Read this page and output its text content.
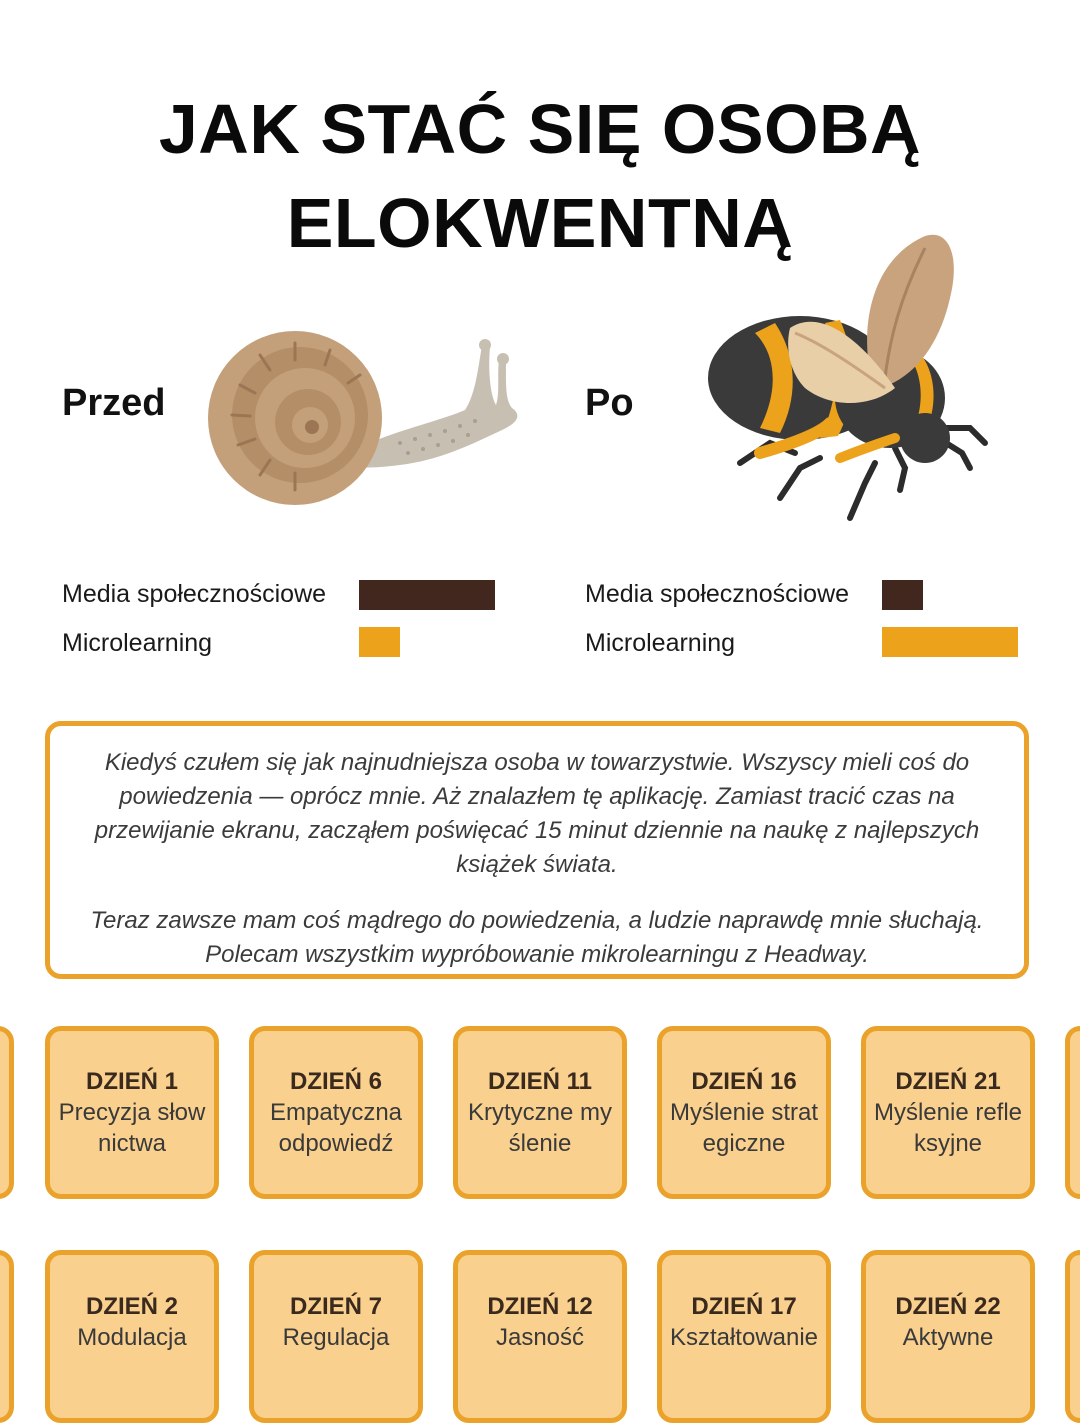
JAK STAĆ SIĘ OSOBĄ
ELOKWENTNĄ
Przed	Po
Media społecznościowe
Microlearning
Media społecznościowe
Microlearning

Kiedyś czułem się jak najnudniejsza osoba w towarzystwie. Wszyscy mieli coś do powiedzenia — oprócz mnie. Aż znalazłem tę aplikację. Zamiast tracić czas na przewijanie ekranu, zacząłem poświęcać 15 minut dziennie na naukę z najlepszych książek świata.

Teraz zawsze mam coś mądrego do powiedzenia, a ludzie naprawdę mnie słuchają. Polecam wszystkim wypróbowanie mikrolearningu z Headway.

DZIEŃ 1
Precyzja słownictwa
DZIEŃ 6
Empatyczna odpowiedź
DZIEŃ 11
Krytyczne myślenie
DZIEŃ 16
Myślenie strategiczne
DZIEŃ 21
Myślenie refleksyjne
DZIEŃ 2
Modulacja
DZIEŃ 7
Regulacja
DZIEŃ 12
Jasność
DZIEŃ 17
Kształtowanie
DZIEŃ 22
Aktywne
